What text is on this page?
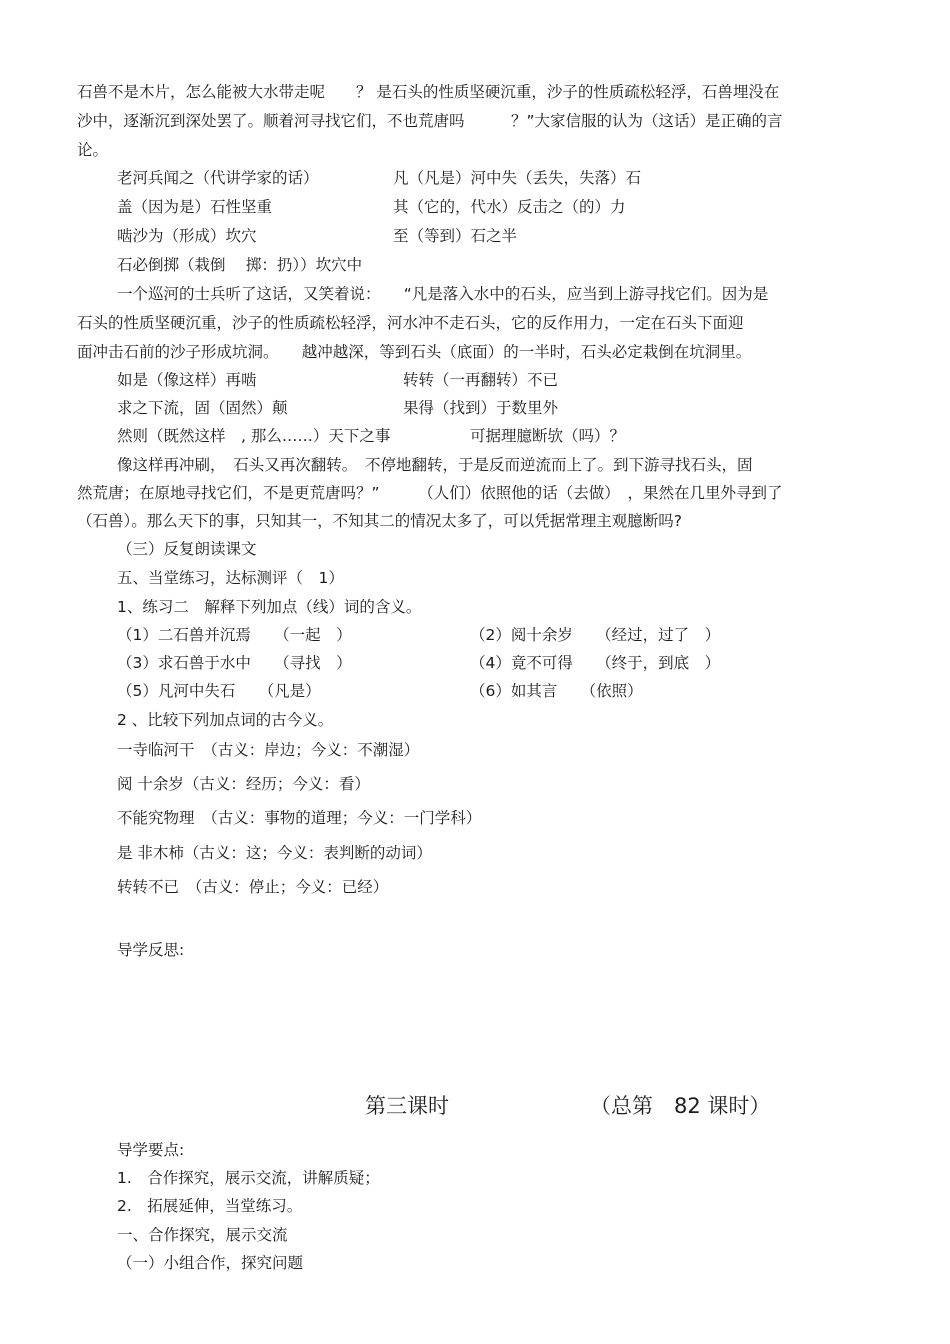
石兽不是木片，怎么能被大水带走呢　　？ 是石头的性质坚硬沉重，沙子的性质疏松轻浮，石兽埋没在
沙中，逐渐沉到深处罢了。顺着河寻找它们，不也荒唐吗　　　？”大家信服的认为（这话）是正确的言
论。
老河兵闻之（代讲学家的话）	凡（凡是）河中失（丢失，失落）石
盖（因为是）石性坚重	其（它的，代水）反击之（的）力
啮沙为（形成）坎穴	至（等到）石之半
石必倒掷（栽倒　 掷：扔））坎穴中
一个巡河的士兵听了这话，又笑着说：　　“凡是落入水中的石头，应当到上游寻找它们。因为是
石头的性质坚硬沉重，沙子的性质疏松轻浮，河水冲不走石头，它的反作用力，一定在石头下面迎
面冲击石前的沙子形成坑洞。　　越冲越深，等到石头（底面）的一半时，石头必定栽倒在坑洞里。
如是（像这样）再啮	转转（一再翻转）不已
求之下流，固（固然）颠	果得（找到）于数里外
然则（既然这样　, 那么……）天下之事	可据理臆断欤（吗）？
像这样再冲刷，　石头又再次翻转。　不停地翻转，于是反而逆流而上了。到下游寻找石头，固
然荒唐；在原地寻找它们，不是更荒唐吗？”　　　（人们）依照他的话（去做）　，果然在几里外寻到了
（石兽）。那么天下的事，只知其一，不知其二的情况太多了，可以凭据常理主观臆断吗?
（三）反复朗读课文
五、当堂练习，达标测评（　1）
1、练习二　解释下列加点（线）词的含义。
（1）二石兽并沉焉　　（一起　）	（2）阅十余岁　　（经过，过了　）
（3）求石兽于水中　　（寻找　）	（4）竟不可得　　（终于，到底　）
（5）凡河中失石　　（凡是）	（6）如其言　　（依照）
2 、比较下列加点词的古今义。
一寺临河干　（古义：岸边；今义：不潮湿）
阅 十余岁（古义：经历；今义：看）
不能究物理　（古义：事物的道理；今义：一门学科）
是 非木柿（古义：这；今义：表判断的动词）
转转不已　（古义：停止；今义：已经）
导学反思:
第三课时	（总第　82 课时）
导学要点:
1.　合作探究，展示交流，讲解质疑；
2.　拓展延伸，当堂练习。
一、合作探究，展示交流
（一）小组合作，探究问题
